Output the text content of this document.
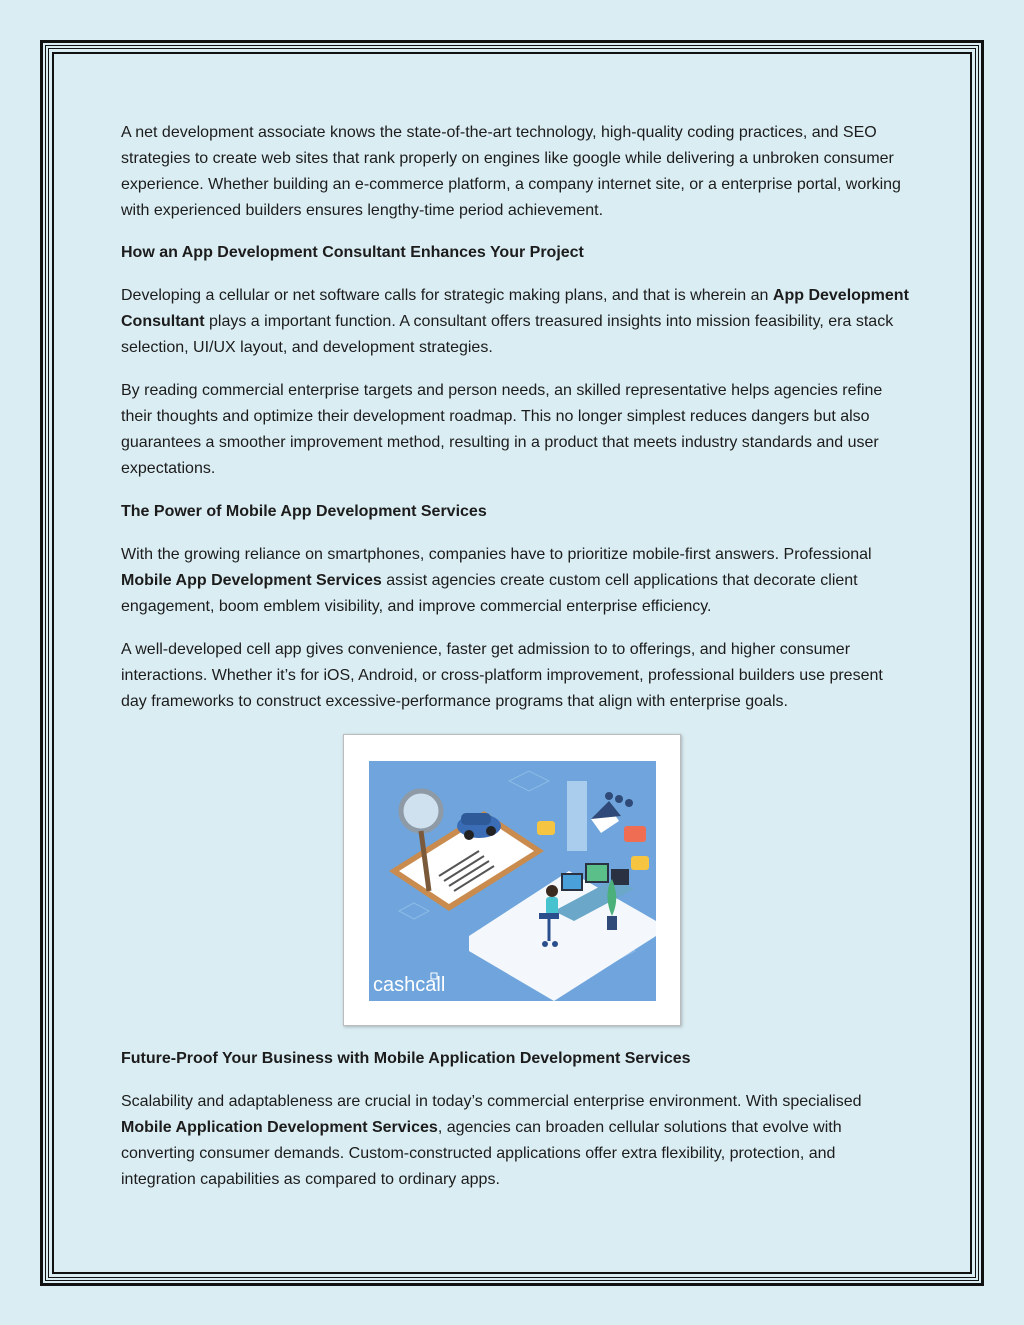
A net development associate knows the state-of-the-art technology, high-quality coding practices, and SEO strategies to create web sites that rank properly on engines like google while delivering a unbroken consumer experience. Whether building an e-commerce platform, a company internet site, or a enterprise portal, working with experienced builders ensures lengthy-time period achievement.

How an App Development Consultant Enhances Your Project

Developing a cellular or net software calls for strategic making plans, and that is wherein an App Development Consultant plays a important function. A consultant offers treasured insights into mission feasibility, era stack selection, UI/UX layout, and development strategies.

By reading commercial enterprise targets and person needs, an skilled representative helps agencies refine their thoughts and optimize their development roadmap. This no longer simplest reduces dangers but also guarantees a smoother improvement method, resulting in a product that meets industry standards and user expectations.

The Power of Mobile App Development Services

With the growing reliance on smartphones, companies have to prioritize mobile-first answers. Professional Mobile App Development Services assist agencies create custom cell applications that decorate client engagement, boom emblem visibility, and improve commercial enterprise efficiency.

A well-developed cell app gives convenience, faster get admission to to offerings, and higher consumer interactions. Whether it’s for iOS, Android, or cross-platform improvement, professional builders use present day frameworks to construct excessive-performance programs that align with enterprise goals.

cashcall
Future-Proof Your Business with Mobile Application Development Services

Scalability and adaptableness are crucial in today’s commercial enterprise environment. With specialised Mobile Application Development Services, agencies can broaden cellular solutions that evolve with converting consumer demands. Custom-constructed applications offer extra flexibility, protection, and integration capabilities as compared to ordinary apps.
